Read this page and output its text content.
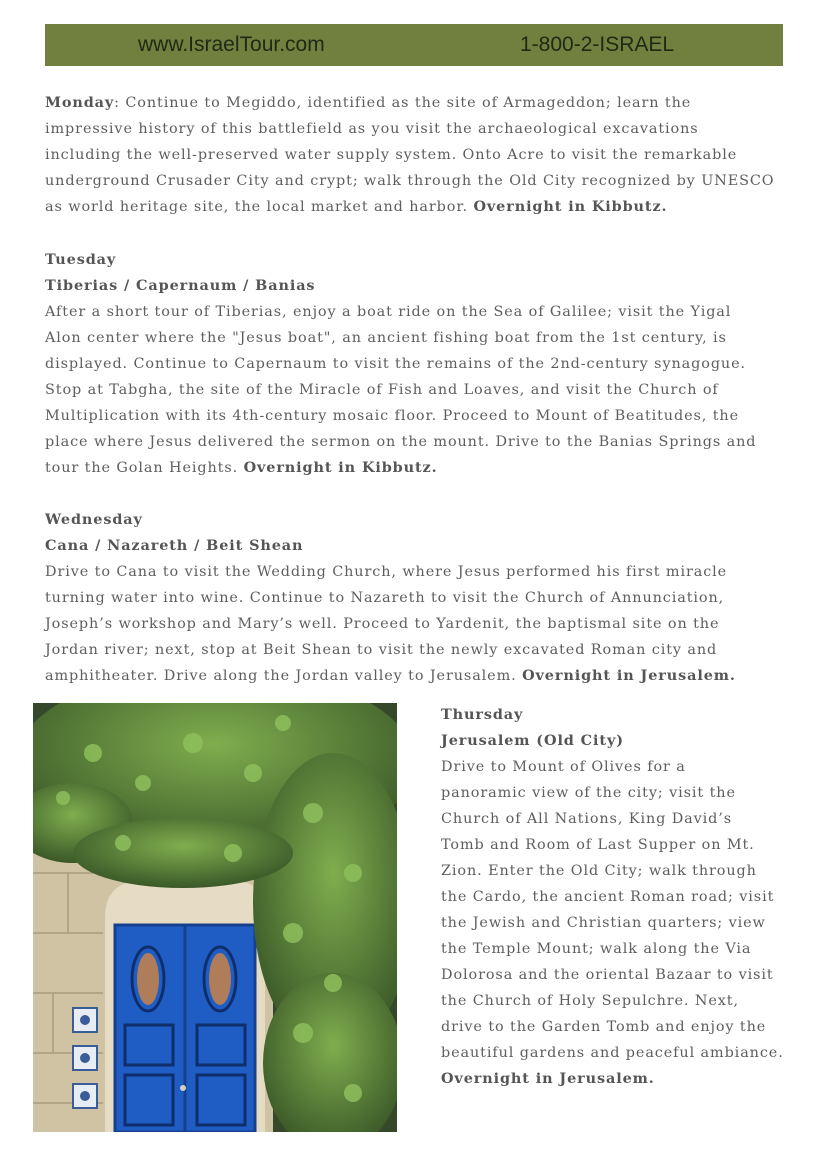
www.IsraelTour.com	1-800-2-ISRAEL
Monday: Continue to Megiddo, identified as the site of Armageddon; learn the
impressive history of this battlefield as you visit the archaeological excavations
including the well-preserved water supply system. Onto Acre to visit the remarkable
underground Crusader City and crypt; walk through the Old City recognized by UNESCO
as world heritage site, the local market and harbor. Overnight in Kibbutz.
Tuesday
Tiberias / Capernaum / Banias
After a short tour of Tiberias, enjoy a boat ride on the Sea of Galilee; visit the Yigal
Alon center where the "Jesus boat", an ancient fishing boat from the 1st century, is
displayed. Continue to Capernaum to visit the remains of the 2nd-century synagogue.
Stop at Tabgha, the site of the Miracle of Fish and Loaves, and visit the Church of
Multiplication with its 4th-century mosaic floor. Proceed to Mount of Beatitudes, the
place where Jesus delivered the sermon on the mount. Drive to the Banias Springs and
tour the Golan Heights. Overnight in Kibbutz.
Wednesday
Cana / Nazareth / Beit Shean
Drive to Cana to visit the Wedding Church, where Jesus performed his first miracle
turning water into wine. Continue to Nazareth to visit the Church of Annunciation,
Joseph’s workshop and Mary’s well. Proceed to Yardenit, the baptismal site on the
Jordan river; next, stop at Beit Shean to visit the newly excavated Roman city and
amphitheater. Drive along the Jordan valley to Jerusalem. Overnight in Jerusalem.
Thursday
Jerusalem (Old City)
Drive to Mount of Olives for a
panoramic view of the city; visit the
Church of All Nations, King David’s
Tomb and Room of Last Supper on Mt.
Zion. Enter the Old City; walk through
the Cardo, the ancient Roman road; visit
the Jewish and Christian quarters; view
the Temple Mount; walk along the Via
Dolorosa and the oriental Bazaar to visit
the Church of Holy Sepulchre. Next,
drive to the Garden Tomb and enjoy the
beautiful gardens and peaceful ambiance.
Overnight in Jerusalem.
